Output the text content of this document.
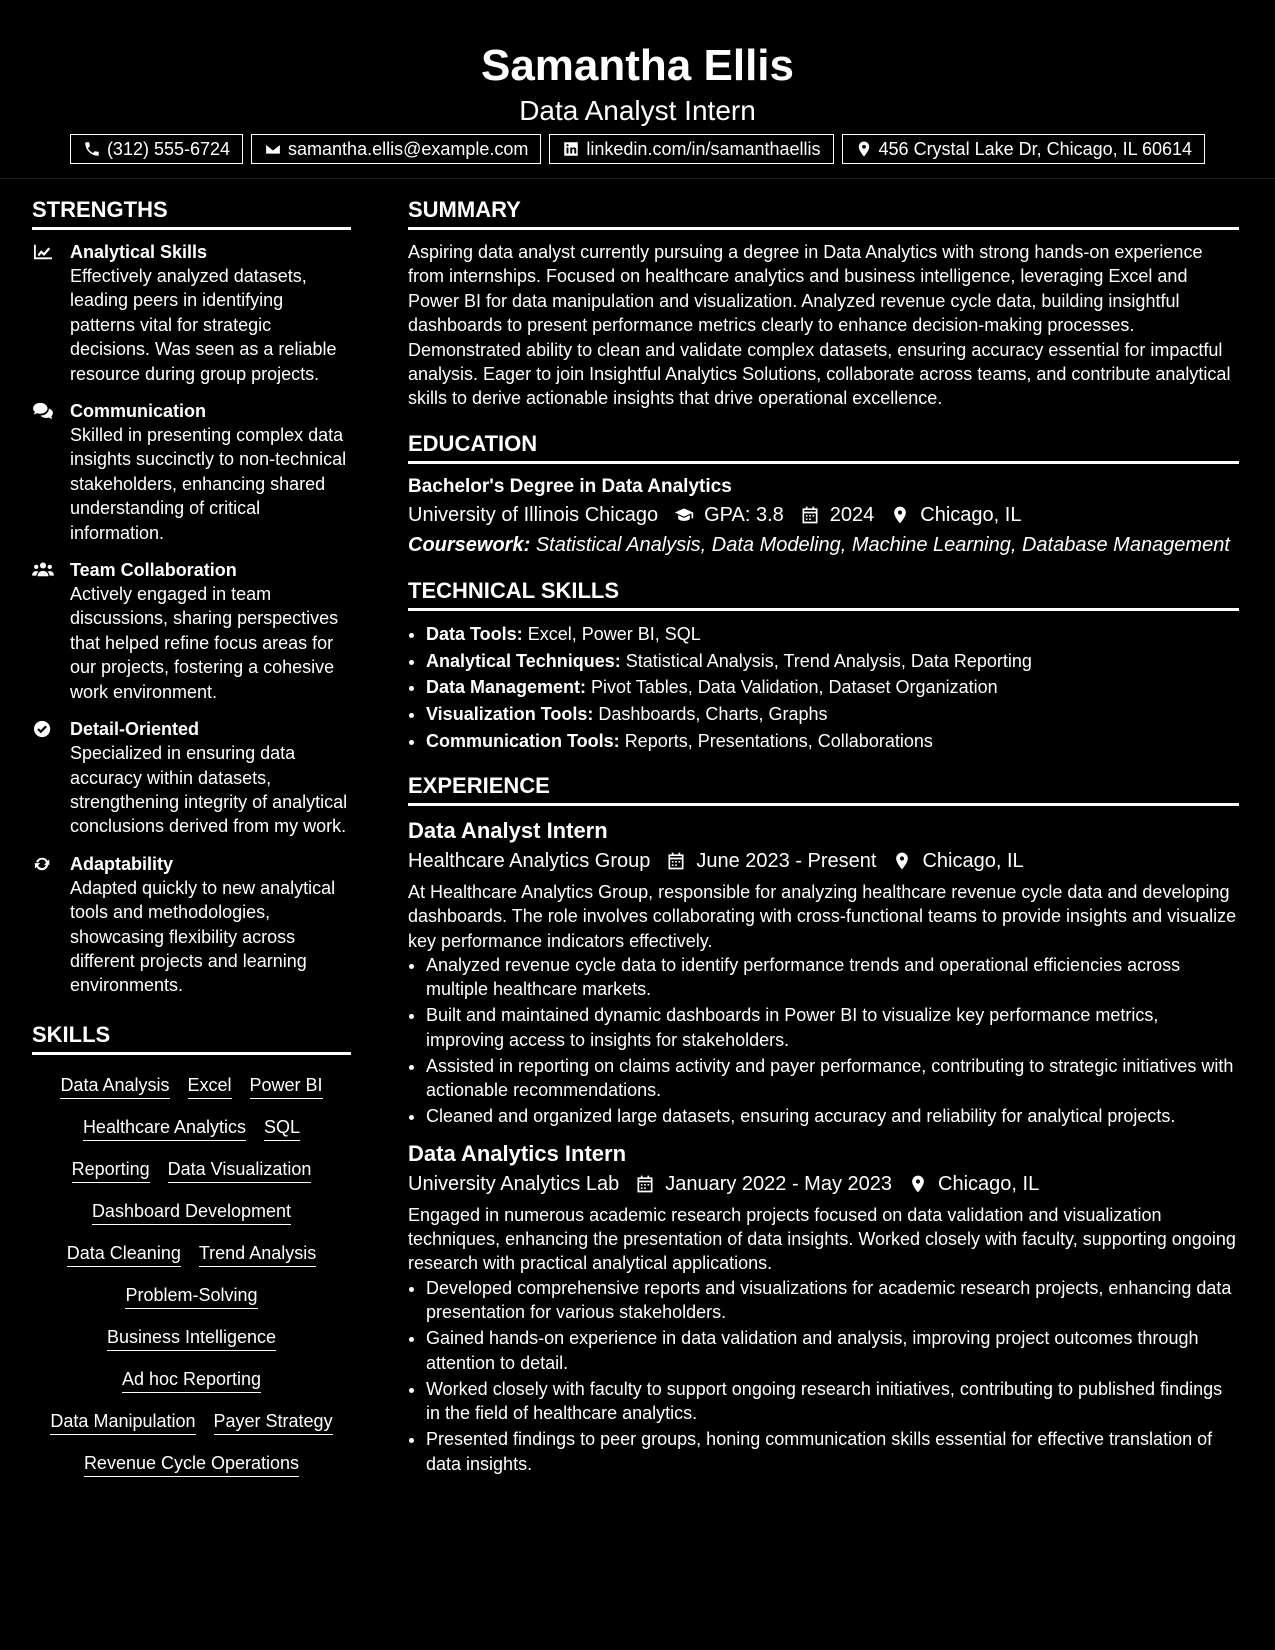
Samantha Ellis
Data Analyst Intern
(312) 555-6724	samantha.ellis@example.com	linkedin.com/in/samanthaellis	456 Crystal Lake Dr, Chicago, IL 60614
STRENGTHS
Analytical Skills
Effectively analyzed datasets, leading peers in identifying patterns vital for strategic decisions. Was seen as a reliable resource during group projects.
Communication
Skilled in presenting complex data insights succinctly to non-technical stakeholders, enhancing shared understanding of critical information.
Team Collaboration
Actively engaged in team discussions, sharing perspectives that helped refine focus areas for our projects, fostering a cohesive work environment.
Detail-Oriented
Specialized in ensuring data accuracy within datasets, strengthening integrity of analytical conclusions derived from my work.
Adaptability
Adapted quickly to new analytical tools and methodologies, showcasing flexibility across different projects and learning environments.
SKILLS
Data Analysis Excel Power BI
Healthcare Analytics SQL
Reporting Data Visualization
Dashboard Development
Data Cleaning Trend Analysis
Problem-Solving
Business Intelligence
Ad hoc Reporting
Data Manipulation Payer Strategy
Revenue Cycle Operations
SUMMARY
Aspiring data analyst currently pursuing a degree in Data Analytics with strong hands-on experience from internships. Focused on healthcare analytics and business intelligence, leveraging Excel and Power BI for data manipulation and visualization. Analyzed revenue cycle data, building insightful dashboards to present performance metrics clearly to enhance decision-making processes. Demonstrated ability to clean and validate complex datasets, ensuring accuracy essential for impactful analysis. Eager to join Insightful Analytics Solutions, collaborate across teams, and contribute analytical skills to derive actionable insights that drive operational excellence.
EDUCATION
Bachelor's Degree in Data Analytics
University of Illinois Chicago GPA: 3.8 2024 Chicago, IL
Coursework: Statistical Analysis, Data Modeling, Machine Learning, Database Management
TECHNICAL SKILLS
• Data Tools: Excel, Power BI, SQL
• Analytical Techniques: Statistical Analysis, Trend Analysis, Data Reporting
• Data Management: Pivot Tables, Data Validation, Dataset Organization
• Visualization Tools: Dashboards, Charts, Graphs
• Communication Tools: Reports, Presentations, Collaborations
EXPERIENCE
Data Analyst Intern
Healthcare Analytics Group June 2023 - Present Chicago, IL
At Healthcare Analytics Group, responsible for analyzing healthcare revenue cycle data and developing dashboards. The role involves collaborating with cross-functional teams to provide insights and visualize key performance indicators effectively.
• Analyzed revenue cycle data to identify performance trends and operational efficiencies across multiple healthcare markets.
• Built and maintained dynamic dashboards in Power BI to visualize key performance metrics, improving access to insights for stakeholders.
• Assisted in reporting on claims activity and payer performance, contributing to strategic initiatives with actionable recommendations.
• Cleaned and organized large datasets, ensuring accuracy and reliability for analytical projects.
Data Analytics Intern
University Analytics Lab January 2022 - May 2023 Chicago, IL
Engaged in numerous academic research projects focused on data validation and visualization techniques, enhancing the presentation of data insights. Worked closely with faculty, supporting ongoing research with practical analytical applications.
• Developed comprehensive reports and visualizations for academic research projects, enhancing data presentation for various stakeholders.
• Gained hands-on experience in data validation and analysis, improving project outcomes through attention to detail.
• Worked closely with faculty to support ongoing research initiatives, contributing to published findings in the field of healthcare analytics.
• Presented findings to peer groups, honing communication skills essential for effective translation of data insights.
